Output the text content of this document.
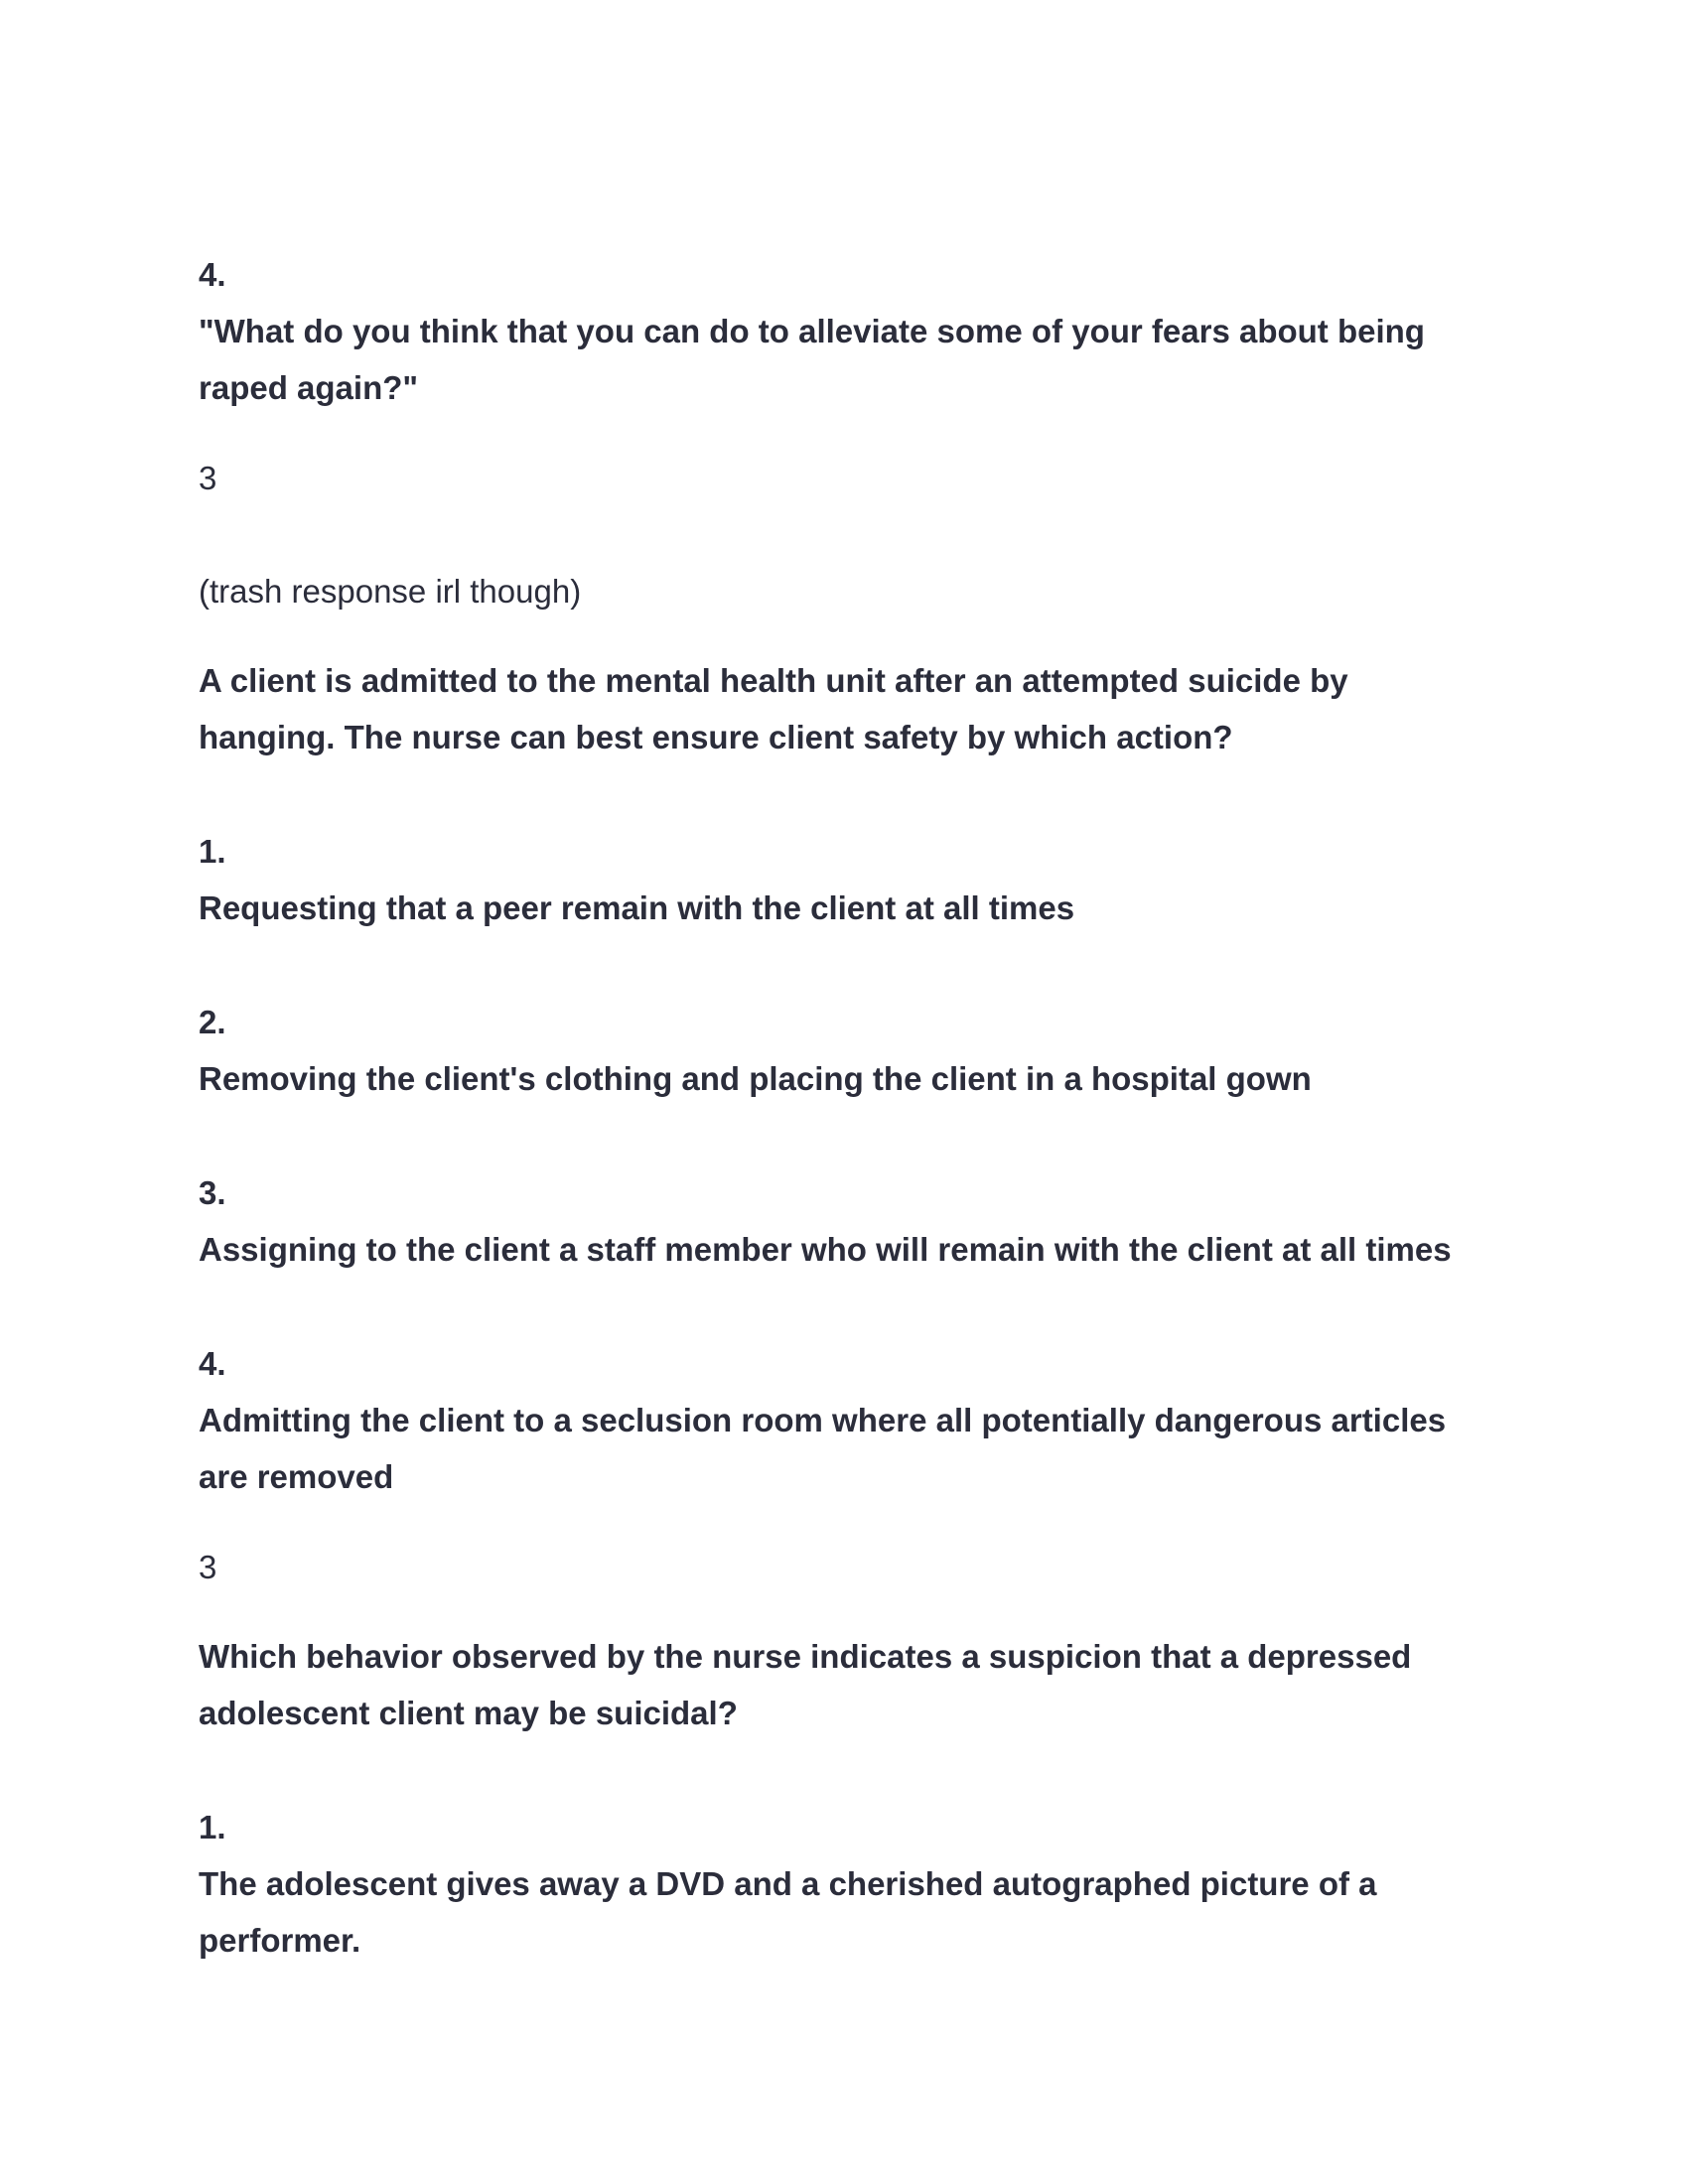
4.
"What do you think that you can do to alleviate some of your fears about being raped again?"
3
(trash response irl though)
A client is admitted to the mental health unit after an attempted suicide by hanging. The nurse can best ensure client safety by which action?
1.
Requesting that a peer remain with the client at all times
2.
Removing the client's clothing and placing the client in a hospital gown
3.
Assigning to the client a staff member who will remain with the client at all times
4.
Admitting the client to a seclusion room where all potentially dangerous articles are removed
3
Which behavior observed by the nurse indicates a suspicion that a depressed adolescent client may be suicidal?
1.
The adolescent gives away a DVD and a cherished autographed picture of a performer.
